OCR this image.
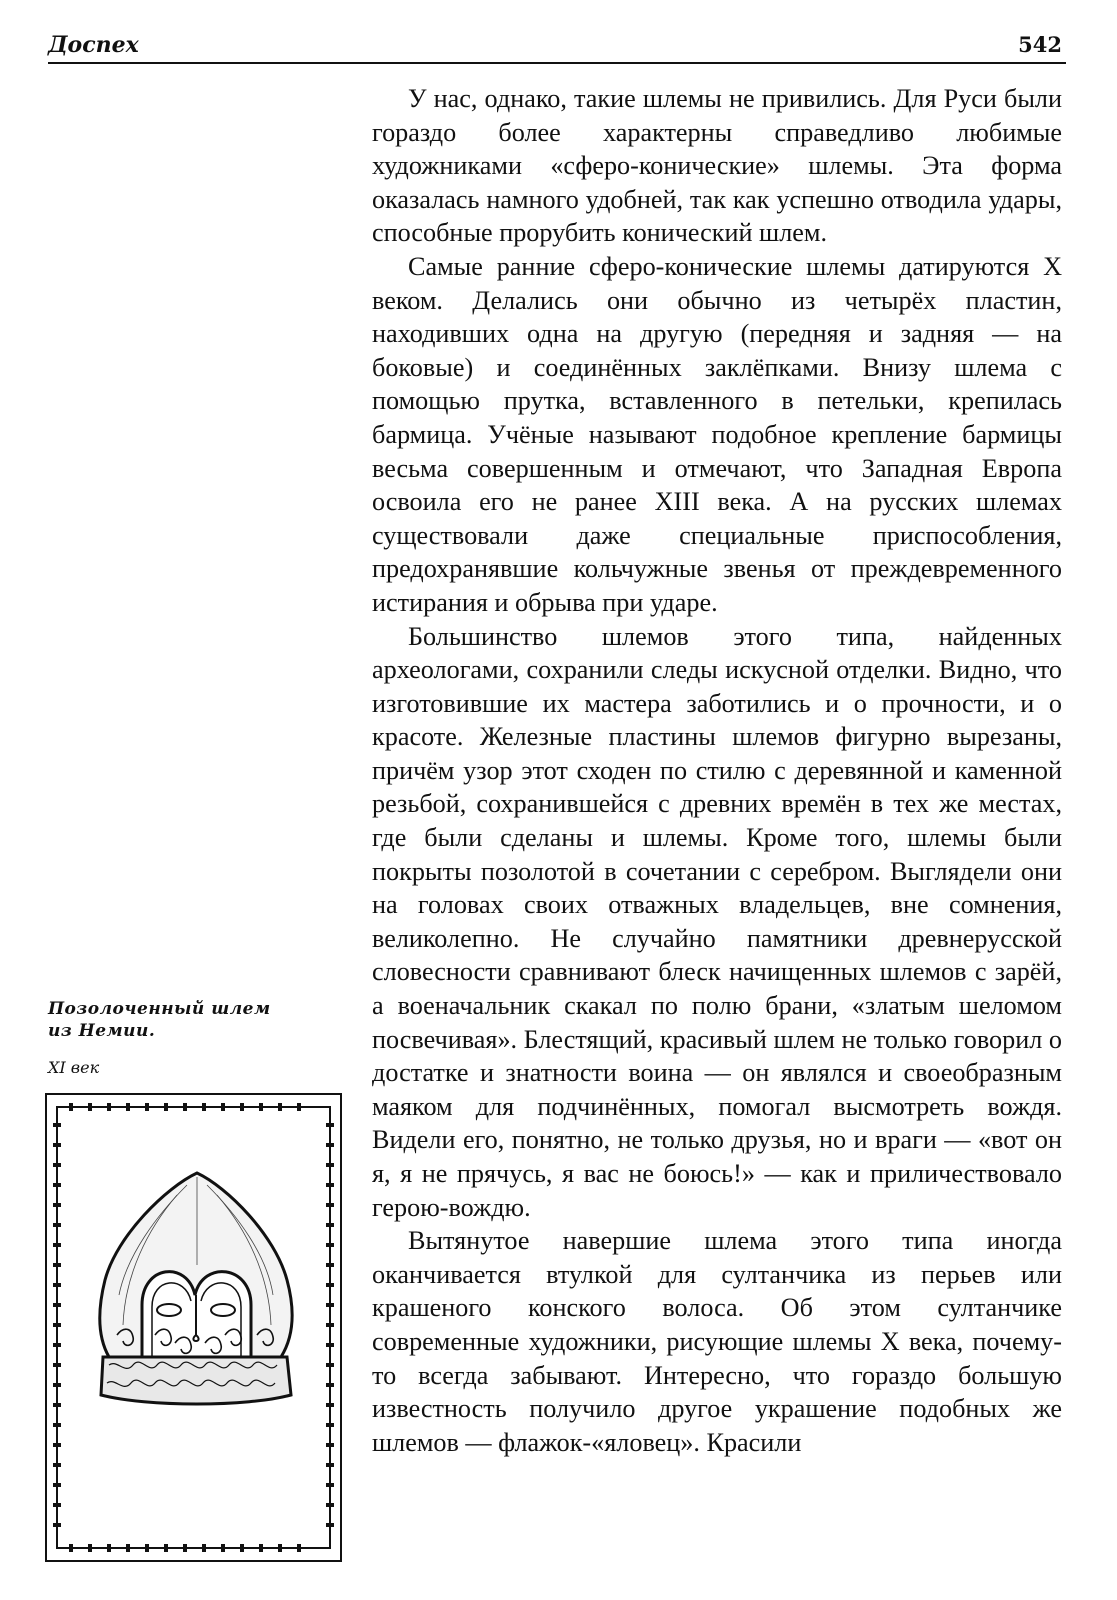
Доспех	542

У нас, однако, такие шлемы не привились. Для Руси были гораздо более характерны справедливо любимые художниками «сферо-конические» шлемы. Эта форма оказалась намного удобней, так как успешно отводила удары, способные прорубить конический шлем.

Самые ранние сферо-конические шлемы датируются X веком. Делались они обычно из четырёх пластин, находивших одна на другую (передняя и задняя — на боковые) и соединённых заклёпками. Внизу шлема с помощью прутка, вставленного в петельки, крепилась бармица. Учёные называют подобное крепление бармицы весьма совершенным и отмечают, что Западная Европа освоила его не ранее XIII века. А на русских шлемах существовали даже специальные приспособления, предохранявшие кольчужные звенья от преждевременного истирания и обрыва при ударе.

Большинство шлемов этого типа, найденных археологами, сохранили следы искусной отделки. Видно, что изготовившие их мастера заботились и о прочности, и о красоте. Железные пластины шлемов фигурно вырезаны, причём узор этот сходен по стилю с деревянной и каменной резьбой, сохранившейся с древних времён в тех же местах, где были сделаны и шлемы. Кроме того, шлемы были покрыты позолотой в сочетании с серебром. Выглядели они на головах своих отважных владельцев, вне сомнения, великолепно. Не случайно памятники древнерусской словесности сравнивают блеск начищенных шлемов с зарёй, а военачальник скакал по полю брани, «златым шеломом посвечивая». Блестящий, красивый шлем не только говорил о достатке и знатности воина — он являлся и своеобразным маяком для подчинённых, помогал высмотреть вождя. Видели его, понятно, не только друзья, но и враги — «вот он я, я не прячусь, я вас не боюсь!» — как и приличествовало герою-вождю.

Вытянутое навершие шлема этого типа иногда оканчивается втулкой для султанчика из перьев или крашеного конского волоса. Об этом султанчике современные художники, рисующие шлемы X века, почему-то всегда забывают. Интересно, что гораздо большую известность получило другое украшение подобных же шлемов — флажок-«яловец». Красили

Позолоченный шлем из Немии.
XI век
